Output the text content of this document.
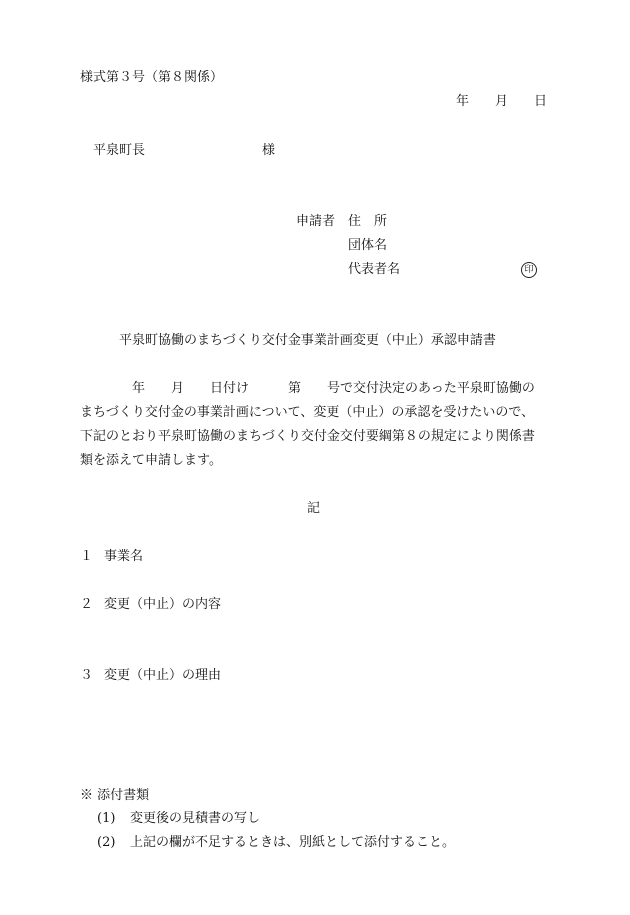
様式第３号（第８関係）
年　　月　　日
平泉町長　　　　　　　　　様
申請者 住　所
団体名
代表者名	印
平泉町協働のまちづくり交付金事業計画変更（中止）承認申請書
　　　　年　　月　　日付け　　　第　　号で交付決定のあった平泉町協働の
まちづくり交付金の事業計画について、変更（中止）の承認を受けたいので、
下記のとおり平泉町協働のまちづくり交付金交付要綱第８の規定により関係書
類を添えて申請します。
記
１ 事業名
２ 変更（中止）の内容
３ 変更（中止）の理由
※ 添付書類
(1) 変更後の見積書の写し
(2) 上記の欄が不足するときは、別紙として添付すること。
